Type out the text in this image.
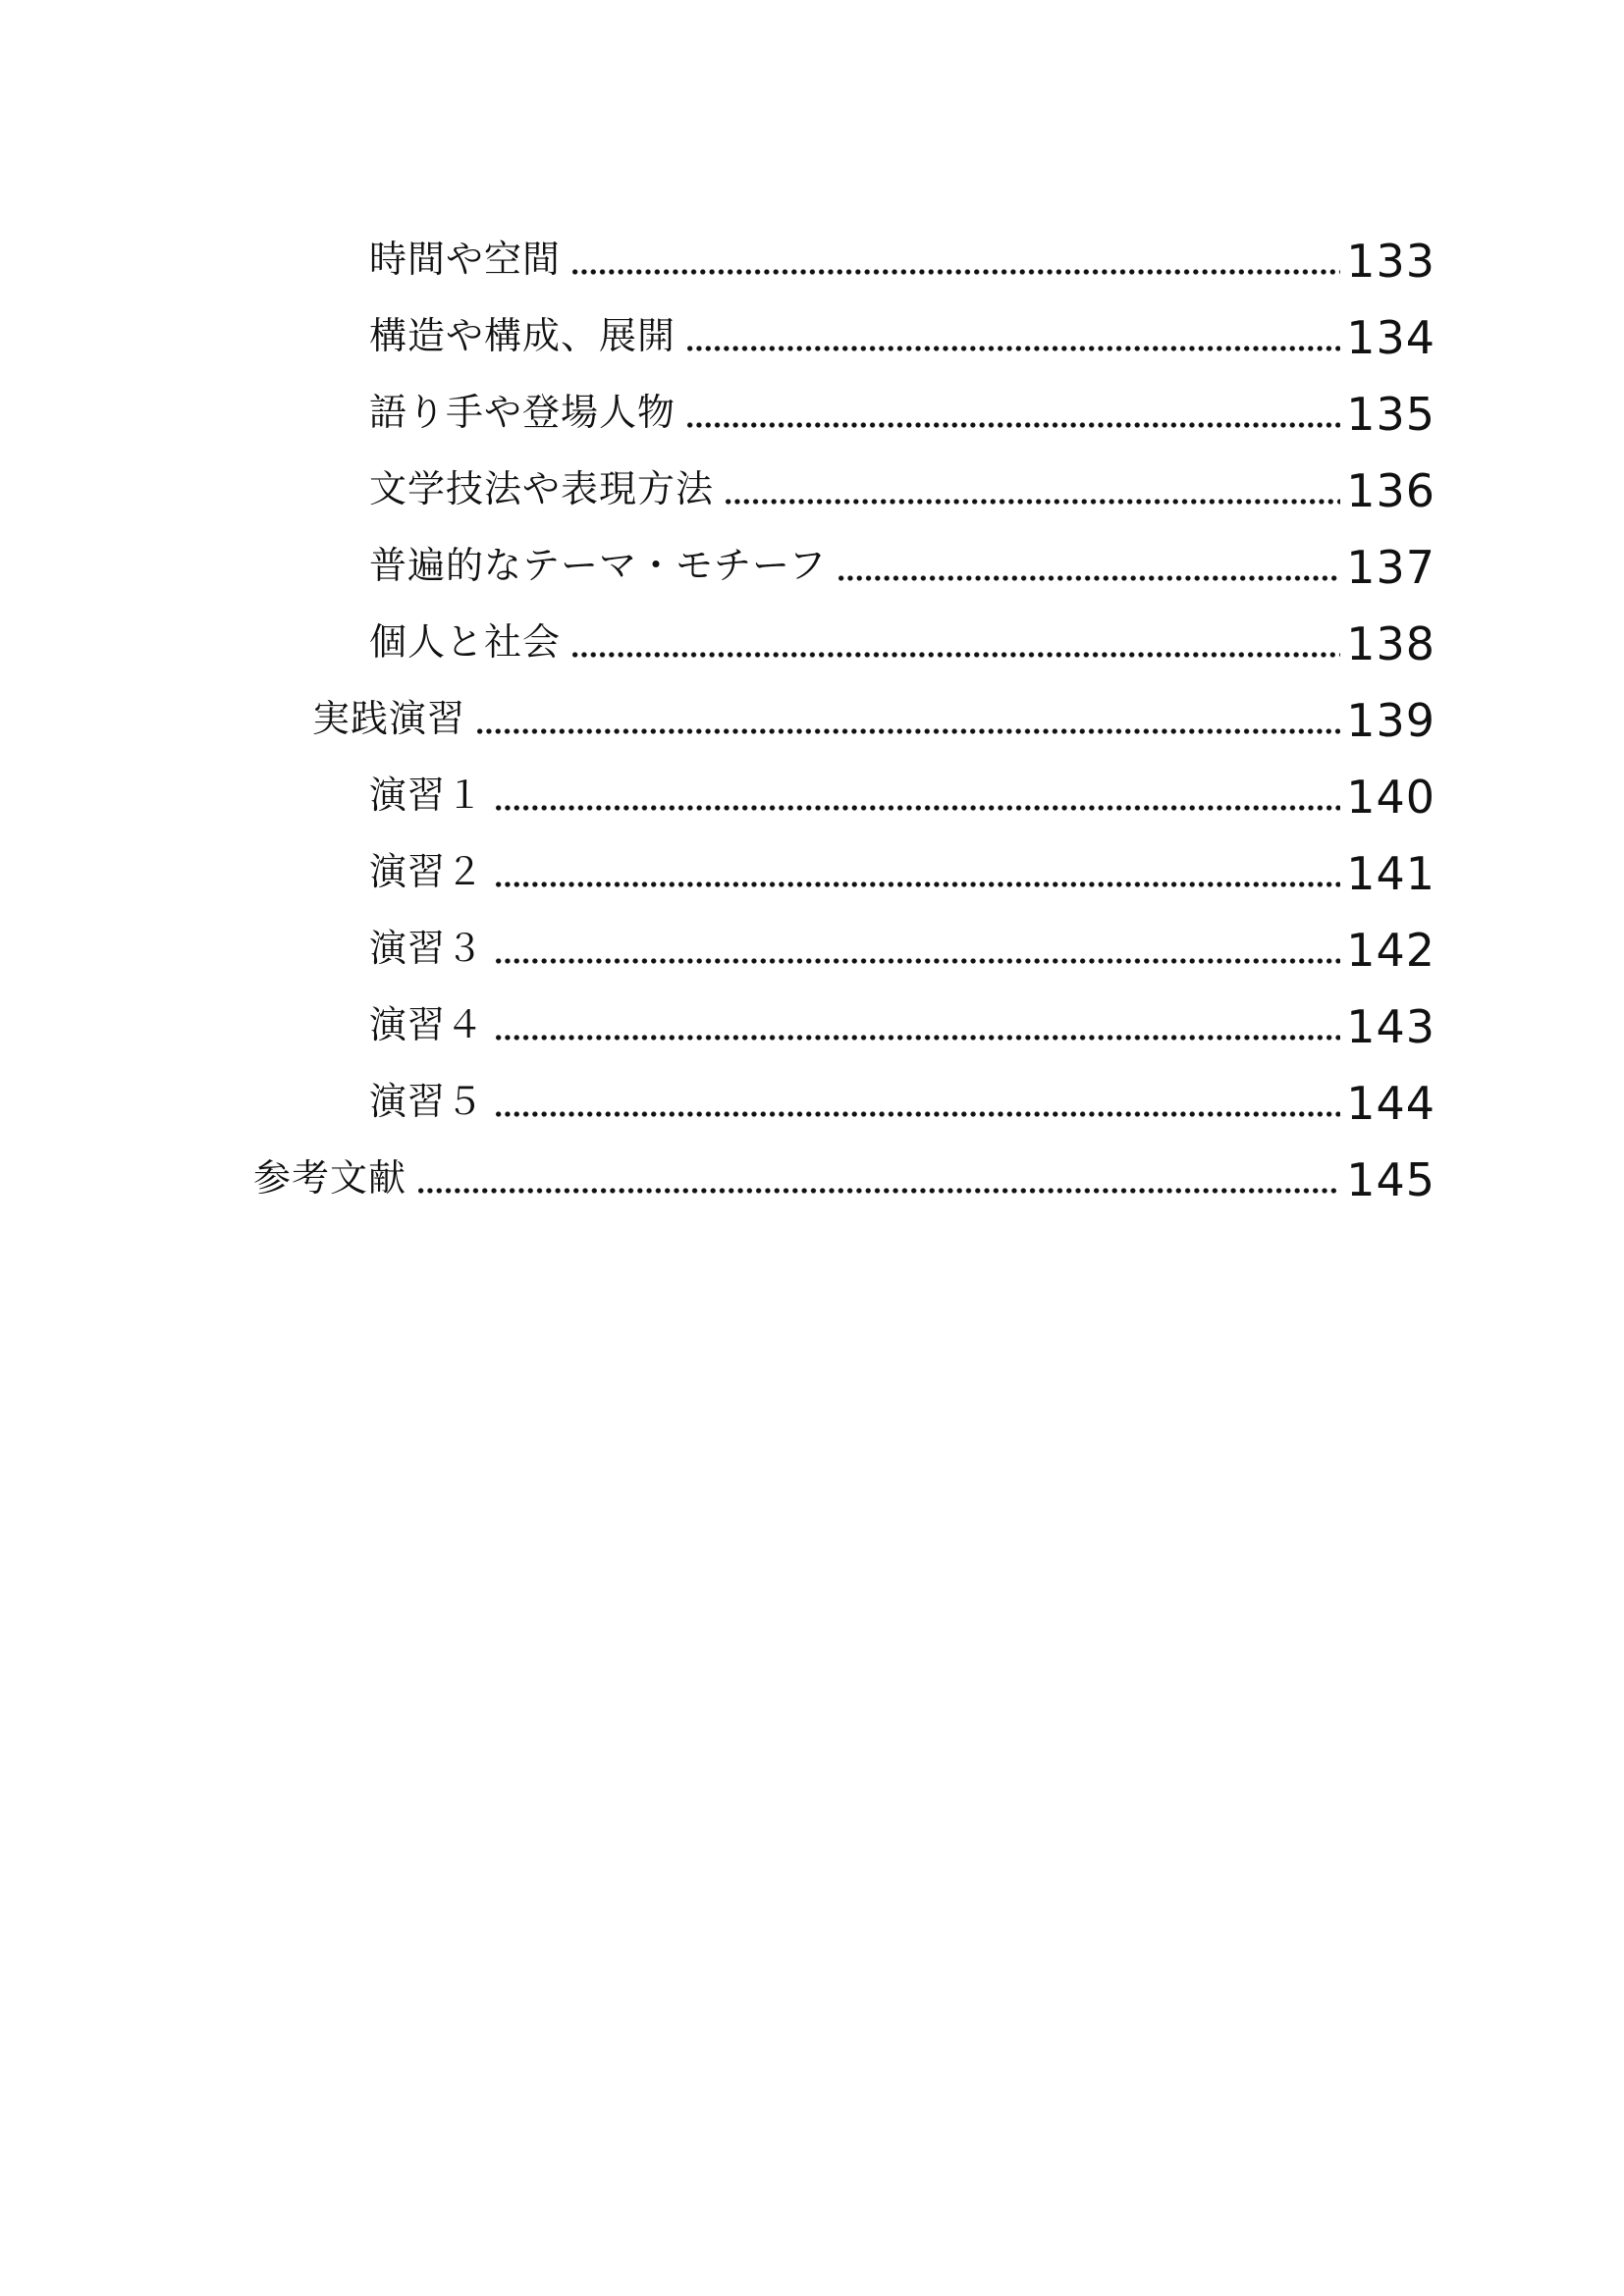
時間や空間	133
構造や構成、展開	134
語り手や登場人物	135
文学技法や表現方法	136
普遍的なテーマ・モチーフ	137
個人と社会	138
実践演習	139
演習１	140
演習２	141
演習３	142
演習４	143
演習５	144
参考文献	145
